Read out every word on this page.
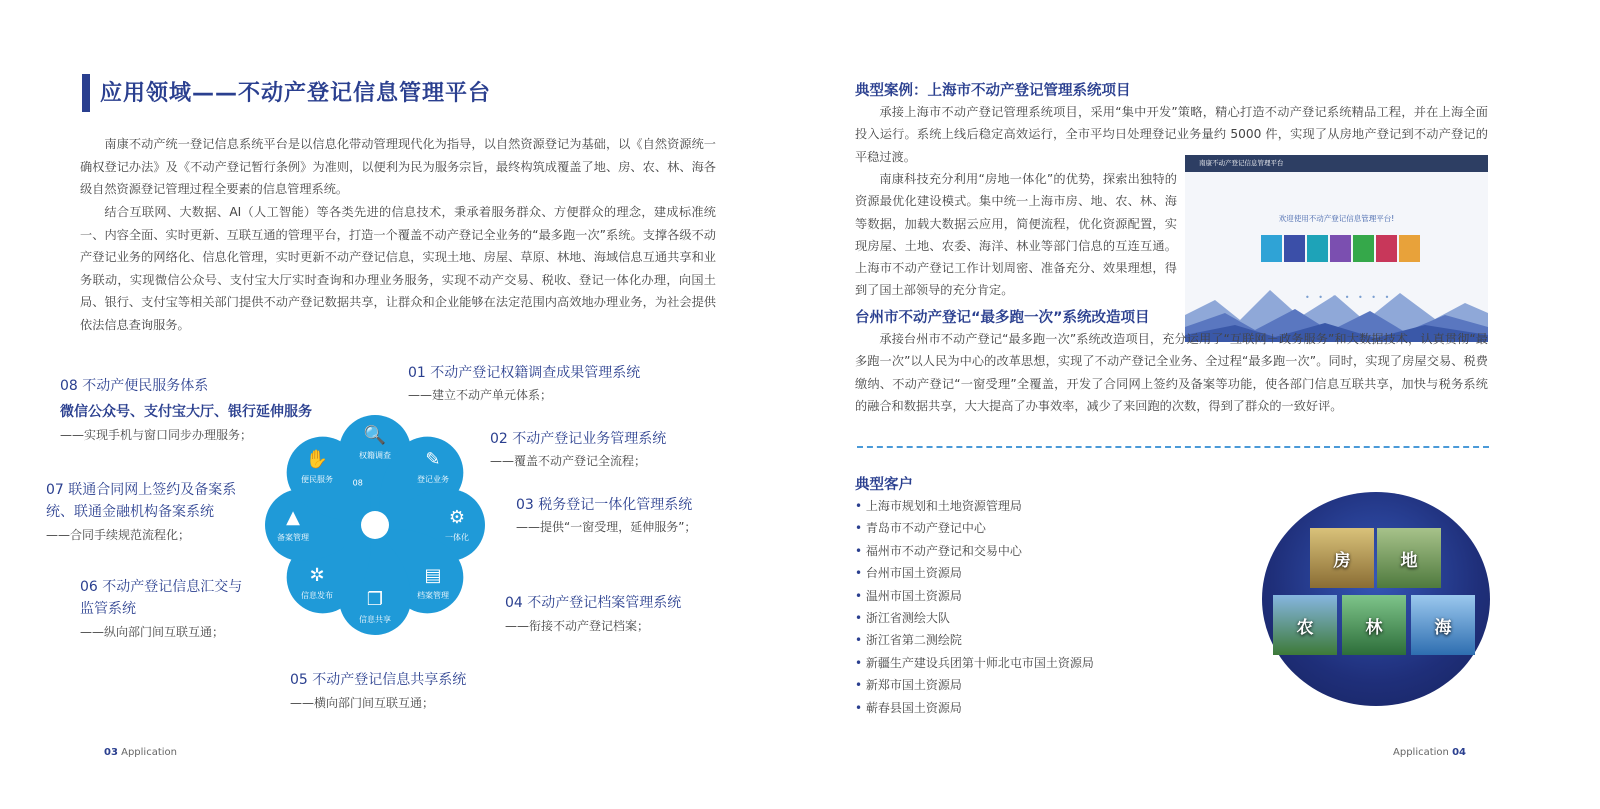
应用领域——不动产登记信息管理平台
南康不动产统一登记信息系统平台是以信息化带动管理现代化为指导，以自然资源登记为基础，以《自然资源统一确权登记办法》及《不动产登记暂行条例》为准则，以便利为民为服务宗旨，最终构筑成覆盖了地、房、农、林、海各级自然资源登记管理过程全要素的信息管理系统。
结合互联网、大数据、AI（人工智能）等各类先进的信息技术，秉承着服务群众、方便群众的理念，建成标准统一、内容全面、实时更新、互联互通的管理平台，打造一个覆盖不动产登记全业务的“最多跑一次”系统。支撑各级不动产登记业务的网络化、信息化管理，实时更新不动产登记信息，实现土地、房屋、草原、林地、海域信息互通共享和业务联动，实现微信公众号、支付宝大厅实时查询和办理业务服务，实现不动产交易、税收、登记一体化办理，向国土局、银行、支付宝等相关部门提供不动产登记数据共享，让群众和企业能够在法定范围内高效地办理业务，为社会提供依法信息查询服务。
🔍
权籍调查 ✎
登记业务
⚙
一体化
▤
档案管理
❐
信息共享
✲
信息发布
▲
备案管理
✋
便民服务 08
01 不动产登记权籍调查成果管理系统
——建立不动产单元体系；
02 不动产登记业务管理系统
——覆盖不动产登记全流程；
03 税务登记一体化管理系统
——提供“一窗受理，延伸服务”；
04 不动产登记档案管理系统
——衔接不动产登记档案；
05 不动产登记信息共享系统
——横向部门间互联互通；
06 不动产登记信息汇交与
监管系统
——纵向部门间互联互通；
07 联通合同网上签约及备案系
统、联通金融机构备案系统
——合同手续规范流程化；
08 不动产便民服务体系
微信公众号、支付宝大厅、银行延伸服务
——实现手机与窗口同步办理服务；
03 Application
典型案例：上海市不动产登记管理系统项目
承接上海市不动产登记管理系统项目，采用“集中开发”策略，精心打造不动产登记系统精品工程，并在上海全面投入运行。系统上线后稳定高效运行，全市平均日处理登记业务量约 5000 件，实现了从房地产登记到不动产登记的平稳过渡。
南康科技充分利用“房地一体化”的优势，探索出独特的资源最优化建设模式。集中统一上海市房、地、农、林、海等数据，加载大数据云应用，简便流程，优化资源配置，实现房屋、土地、农委、海洋、林业等部门信息的互连互通。上海市不动产登记工作计划周密、准备充分、效果理想，得到了国土部领导的充分肯定。
南康不动产登记信息管理平台
欢迎使用不动产登记信息管理平台!
• • • • • • •
台州市不动产登记“最多跑一次”系统改造项目
承接台州市不动产登记“最多跑一次”系统改造项目，充分运用了“互联网＋政务服务”和大数据技术，认真贯彻“最多跑一次”以人民为中心的改革思想，实现了不动产登记全业务、全过程“最多跑一次”。同时，实现了房屋交易、税费缴纳、不动产登记“一窗受理”全覆盖，开发了合同网上签约及备案等功能，使各部门信息互联共享，加快与税务系统的融合和数据共享，大大提高了办事效率，减少了来回跑的次数，得到了群众的一致好评。
典型客户
• 上海市规划和土地资源管理局
• 青岛市不动产登记中心
• 福州市不动产登记和交易中心
• 台州市国土资源局
• 温州市国土资源局
• 浙江省测绘大队
• 浙江省第二测绘院
• 新疆生产建设兵团第十师北屯市国土资源局
• 新郑市国土资源局
• 蕲春县国土资源局
房	地
农	林	海
Application 04
